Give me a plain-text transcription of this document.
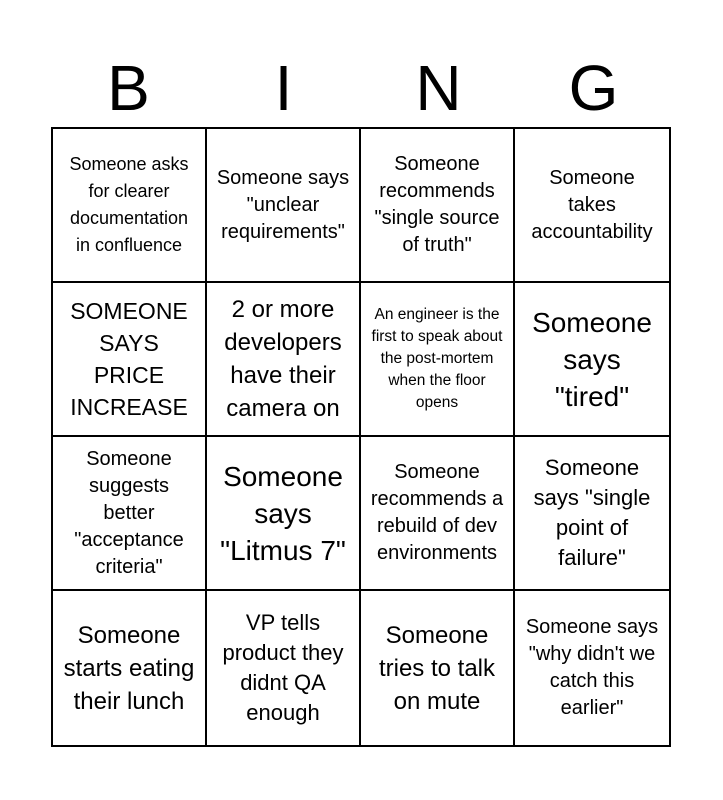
B	I	N	G
Someone asks for clearer documentation in confluence
Someone says "unclear requirements"
Someone recommends "single source of truth"
Someone takes accountability
SOMEONE SAYS PRICE INCREASE
2 or more developers have their camera on
An engineer is the first to speak about the post-mortem when the floor opens
Someone says "tired"
Someone suggests better "acceptance criteria"
Someone says "Litmus 7"
Someone recommends a rebuild of dev environments
Someone says "single point of failure"
Someone starts eating their lunch
VP tells product they didnt QA enough
Someone tries to talk on mute
Someone says "why didn't we catch this earlier"
